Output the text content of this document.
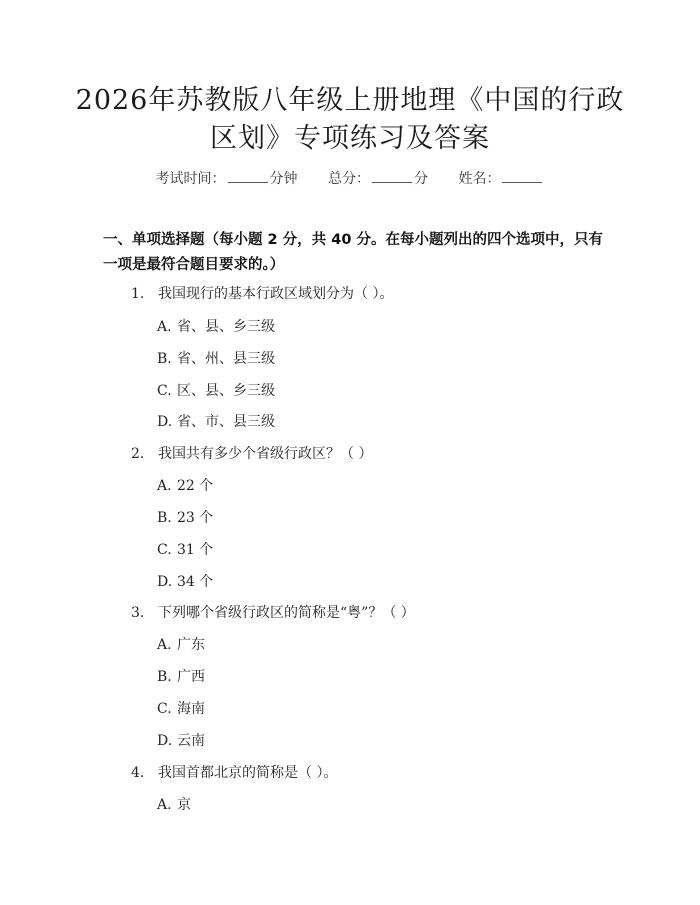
2026年苏教版八年级上册地理《中国的行政
区划》专项练习及答案
考试时间：	分钟 总分：	分 姓名：
一、单项选择题（每小题 2 分，共 40 分。在每小题列出的四个选项中，只有一项是最符合题目要求的。）
1. 我国现行的基本行政区域划分为（ ）。
A. 省、县、乡三级
B. 省、州、县三级
C. 区、县、乡三级
D. 省、市、县三级
2. 我国共有多少个省级行政区？（ ）
A. 22 个
B. 23 个
C. 31 个
D. 34 个
3. 下列哪个省级行政区的简称是“粤”？（ ）
A. 广东
B. 广西
C. 海南
D. 云南
4. 我国首都北京的简称是（ ）。
A. 京
